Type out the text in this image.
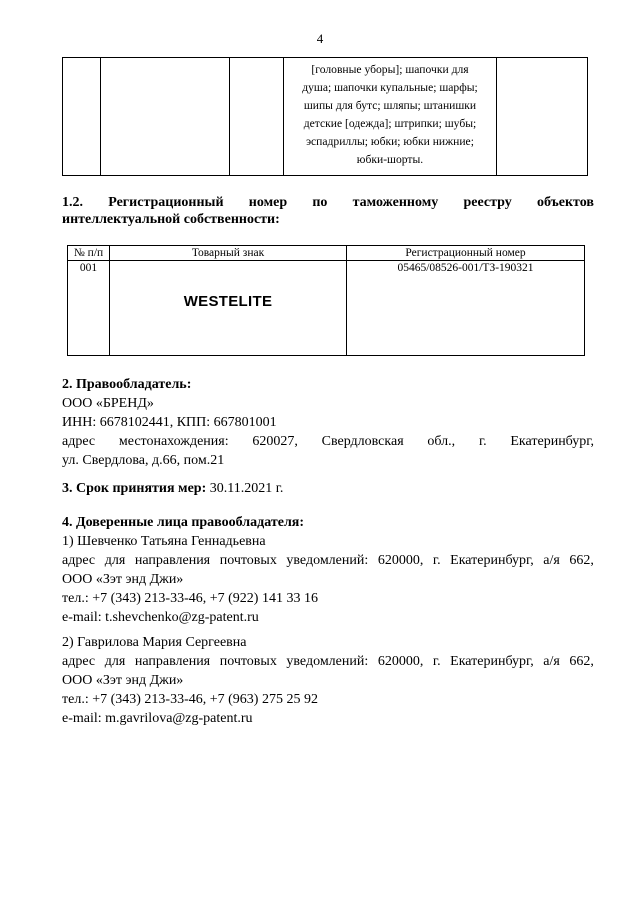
4

[головные уборы]; шапочки для
душа; шапочки купальные; шарфы;
шипы для бутс; шляпы; штанишки
детские [одежда]; штрипки; шубы;
эспадриллы; юбки; юбки нижние;
юбки-шорты.

1.2. Регистрационный номер по таможенному реестру объектов
интеллектуальной собственности:
№ п/п	Товарный знак	Регистрационный номер
001	WESTELITE	05465/08526-001/ТЗ-190321
2. Правообладатель:
ООО «БРЕНД»
ИНН: 6678102441, КПП: 667801001
адрес местонахождения: 620027, Свердловская обл., г. Екатеринбург,
ул. Свердлова, д.66, пом.21
3. Срок принятия мер: 30.11.2021 г.
4. Доверенные лица правообладателя:
1) Шевченко Татьяна Геннадьевна
адрес для направления почтовых уведомлений: 620000, г. Екатеринбург, а/я 662,
ООО «Зэт энд Джи»
тел.: +7 (343) 213-33-46, +7 (922) 141 33 16
e-mail: t.shevchenko@zg-patent.ru
2) Гаврилова Мария Сергеевна
адрес для направления почтовых уведомлений: 620000, г. Екатеринбург, а/я 662,
ООО «Зэт энд Джи»
тел.: +7 (343) 213-33-46, +7 (963) 275 25 92
e-mail: m.gavrilova@zg-patent.ru
